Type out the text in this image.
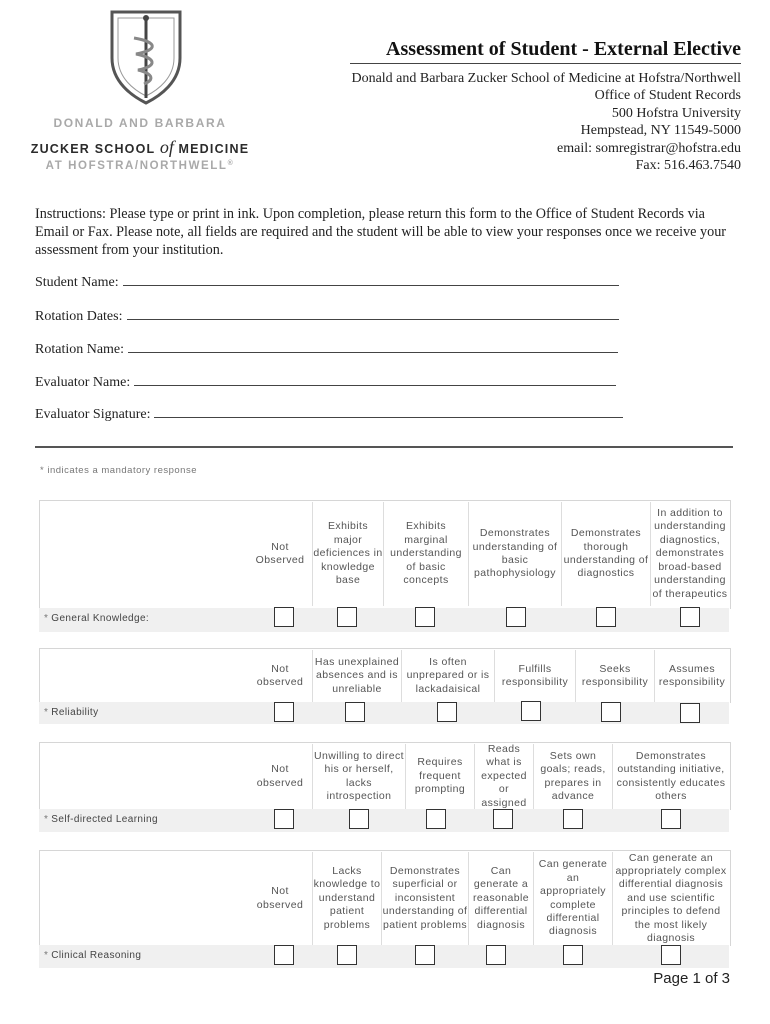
DONALD AND BARBARA
ZUCKER SCHOOL of MEDICINE
AT HOFSTRA/NORTHWELL®
Assessment of Student - External Elective
Donald and Barbara Zucker School of Medicine at Hofstra/Northwell
Office of Student Records
500 Hofstra University
Hempstead, NY 11549-5000
email: somregistrar@hofstra.edu
Fax: 516.463.7540
Instructions: Please type or print in ink. Upon completion, please return this form to the Office of Student Records via Email or Fax. Please note, all fields are required and the student will be able to view your responses once we receive your assessment from your institution.
Student Name:
Rotation Dates:
Rotation Name:
Evaluator Name:
Evaluator Signature:
* indicates a mandatory response
Not Observed
Exhibits major deficiences in knowledge base
Exhibits marginal understanding of basic concepts
Demonstrates understanding of basic pathophysiology
Demonstrates thorough understanding of diagnostics
In addition to understanding diagnostics, demonstrates broad-based understanding of therapeutics
* General Knowledge:
Not observed
Has unexplained absences and is unreliable
Is often unprepared or is lackadaisical
Fulfills responsibility
Seeks responsibility
Assumes responsibility
* Reliability
Not observed
Unwilling to direct his or herself, lacks introspection
Requires frequent prompting
Reads what is expected or assigned
Sets own goals; reads, prepares in advance
Demonstrates outstanding initiative, consistently educates others
* Self-directed Learning
Not observed
Lacks knowledge to understand patient problems
Demonstrates superficial or inconsistent understanding of patient problems
Can generate a reasonable differential diagnosis
Can generate an appropriately complete differential diagnosis
Can generate an appropriately complex differential diagnosis and use scientific principles to defend the most likely diagnosis
* Clinical Reasoning
Page 1 of 3
